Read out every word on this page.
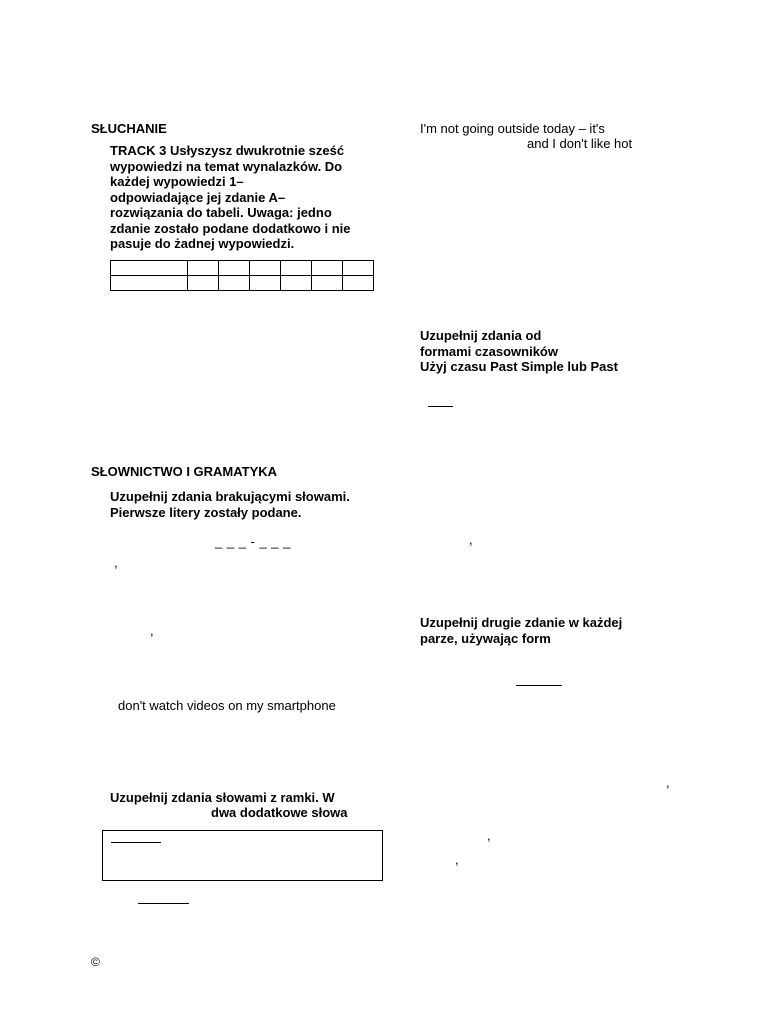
SŁUCHANIE
TRACK 3 Usłyszysz dwukrotnie sześć
wypowiedzi na temat wynalazków. Do
każdej wypowiedzi 1–
odpowiadające jej zdanie A–
rozwiązania do tabeli. Uwaga: jedno
zdanie zostało podane dodatkowo i nie
pasuje do żadnej wypowiedzi.

SŁOWNICTWO I GRAMATYKA
Uzupełnij zdania brakującymi słowami.
Pierwsze litery zostały podane.
_ _ _ - _ _ _
,
,
don't watch videos on my smartphone
Uzupełnij zdania słowami z ramki. W
dwa dodatkowe słowa
©
I'm not going outside today – it's
and I don't like hot
Uzupełnij zdania od
formami czasowników
Użyj czasu Past Simple lub Past
,
Uzupełnij drugie zdanie w każdej
parze, używając form
,
,
,
